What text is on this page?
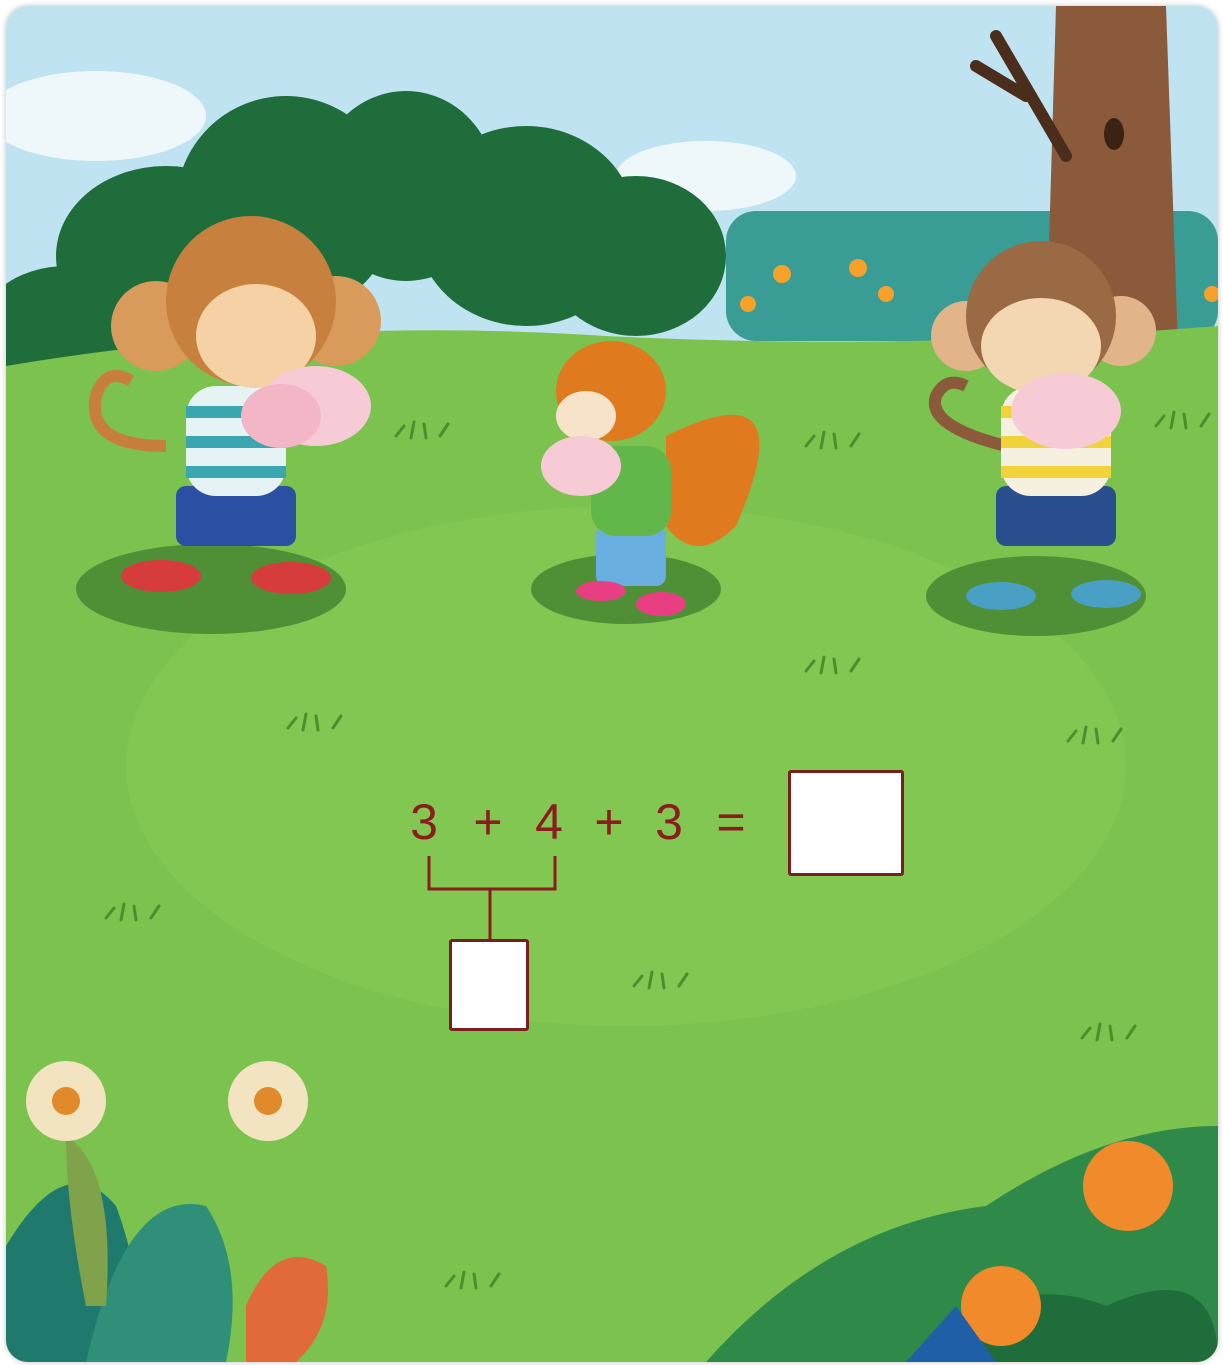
3 + 4 + 3 =
